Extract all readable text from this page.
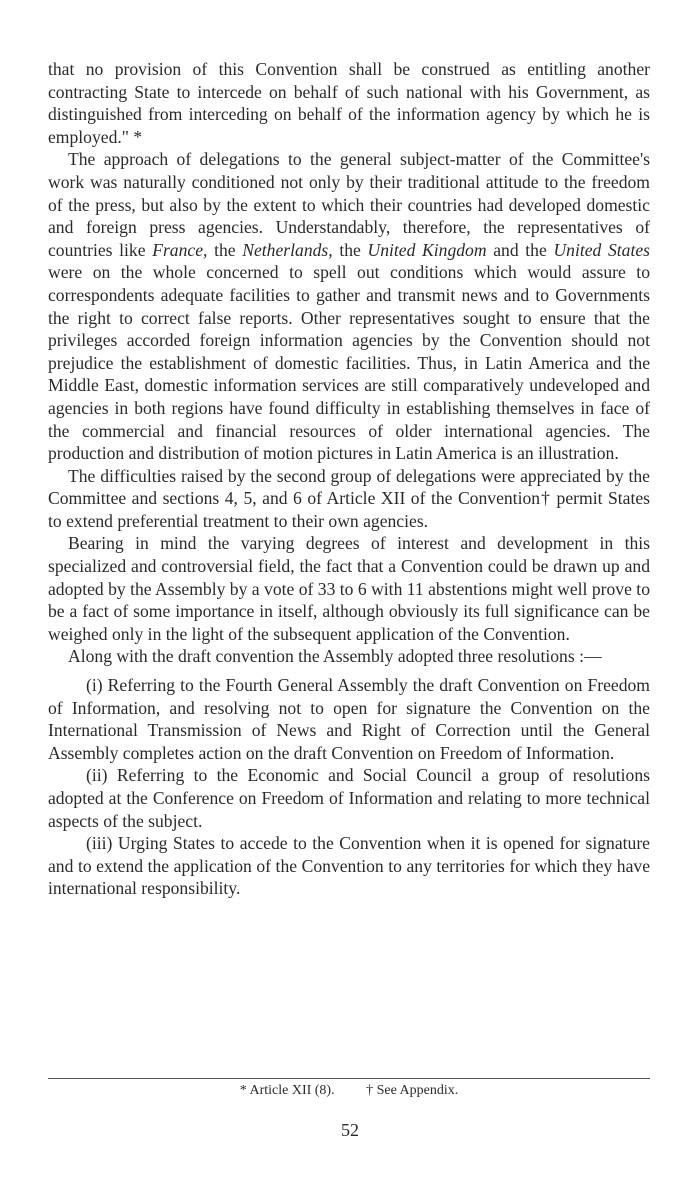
that no provision of this Convention shall be construed as entitling another contracting State to intercede on behalf of such national with his Government, as distinguished from interceding on behalf of the information agency by which he is employed." *

The approach of delegations to the general subject-matter of the Committee's work was naturally conditioned not only by their traditional attitude to the freedom of the press, but also by the extent to which their countries had developed domestic and foreign press agencies. Understandably, therefore, the representatives of countries like France, the Netherlands, the United Kingdom and the United States were on the whole concerned to spell out conditions which would assure to correspondents adequate facilities to gather and transmit news and to Governments the right to correct false reports. Other representatives sought to ensure that the privileges accorded foreign information agencies by the Convention should not prejudice the establishment of domestic facilities. Thus, in Latin America and the Middle East, domestic information services are still comparatively undeveloped and agencies in both regions have found difficulty in establishing themselves in face of the commercial and financial resources of older international agencies. The production and distribution of motion pictures in Latin America is an illustration.

The difficulties raised by the second group of delegations were appreciated by the Committee and sections 4, 5, and 6 of Article XII of the Convention† permit States to extend preferential treatment to their own agencies.

Bearing in mind the varying degrees of interest and development in this specialized and controversial field, the fact that a Convention could be drawn up and adopted by the Assembly by a vote of 33 to 6 with 11 abstentions might well prove to be a fact of some importance in itself, although obviously its full significance can be weighed only in the light of the subsequent application of the Convention.

Along with the draft convention the Assembly adopted three resolutions :—

(i) Referring to the Fourth General Assembly the draft Convention on Freedom of Information, and resolving not to open for signature the Convention on the International Transmission of News and Right of Correction until the General Assembly completes action on the draft Convention on Freedom of Information.

(ii) Referring to the Economic and Social Council a group of resolutions adopted at the Conference on Freedom of Information and relating to more technical aspects of the subject.

(iii) Urging States to accede to the Convention when it is opened for signature and to extend the application of the Convention to any territories for which they have international responsibility.

* Article XII (8). † See Appendix.
52
